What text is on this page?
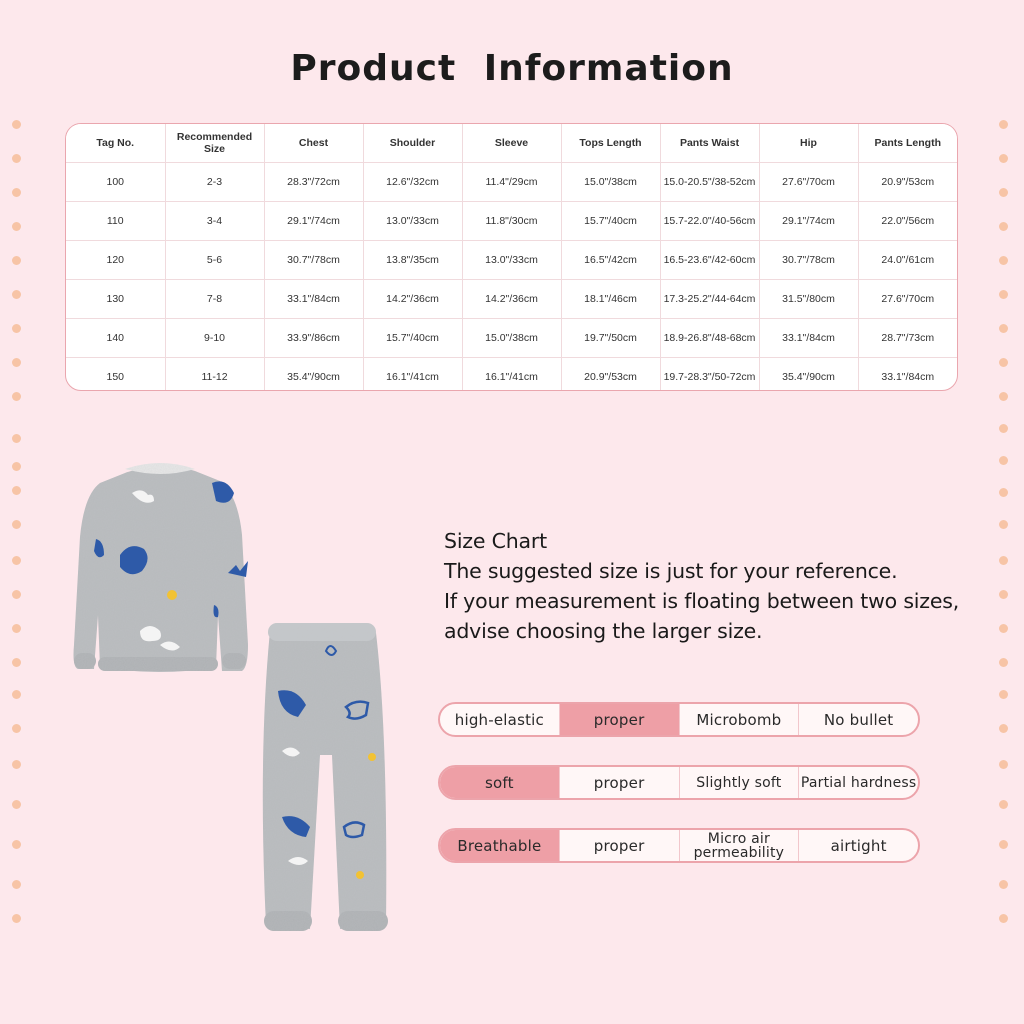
Product Information
Tag No.	Recommended Size	Chest	Shoulder	Sleeve	Tops Length	Pants Waist	Hip	Pants Length
100	2-3	28.3"/72cm	12.6"/32cm	11.4"/29cm	15.0"/38cm	15.0-20.5"/38-52cm	27.6"/70cm	20.9"/53cm
110	3-4	29.1"/74cm	13.0"/33cm	11.8"/30cm	15.7"/40cm	15.7-22.0"/40-56cm	29.1"/74cm	22.0"/56cm
120	5-6	30.7"/78cm	13.8"/35cm	13.0"/33cm	16.5"/42cm	16.5-23.6"/42-60cm	30.7"/78cm	24.0"/61cm
130	7-8	33.1"/84cm	14.2"/36cm	14.2"/36cm	18.1"/46cm	17.3-25.2"/44-64cm	31.5"/80cm	27.6"/70cm
140	9-10	33.9"/86cm	15.7"/40cm	15.0"/38cm	19.7"/50cm	18.9-26.8"/48-68cm	33.1"/84cm	28.7"/73cm
150	11-12	35.4"/90cm	16.1"/41cm	16.1"/41cm	20.9"/53cm	19.7-28.3"/50-72cm	35.4"/90cm	33.1"/84cm
Size Chart
The suggested size is just for your reference.
If your measurement is floating between two sizes,
advise choosing the larger size.
high-elastic	proper	Microbomb	No bullet
soft	proper	Slightly soft	Partial hardness
Breathable	proper	Micro air permeability	airtight
